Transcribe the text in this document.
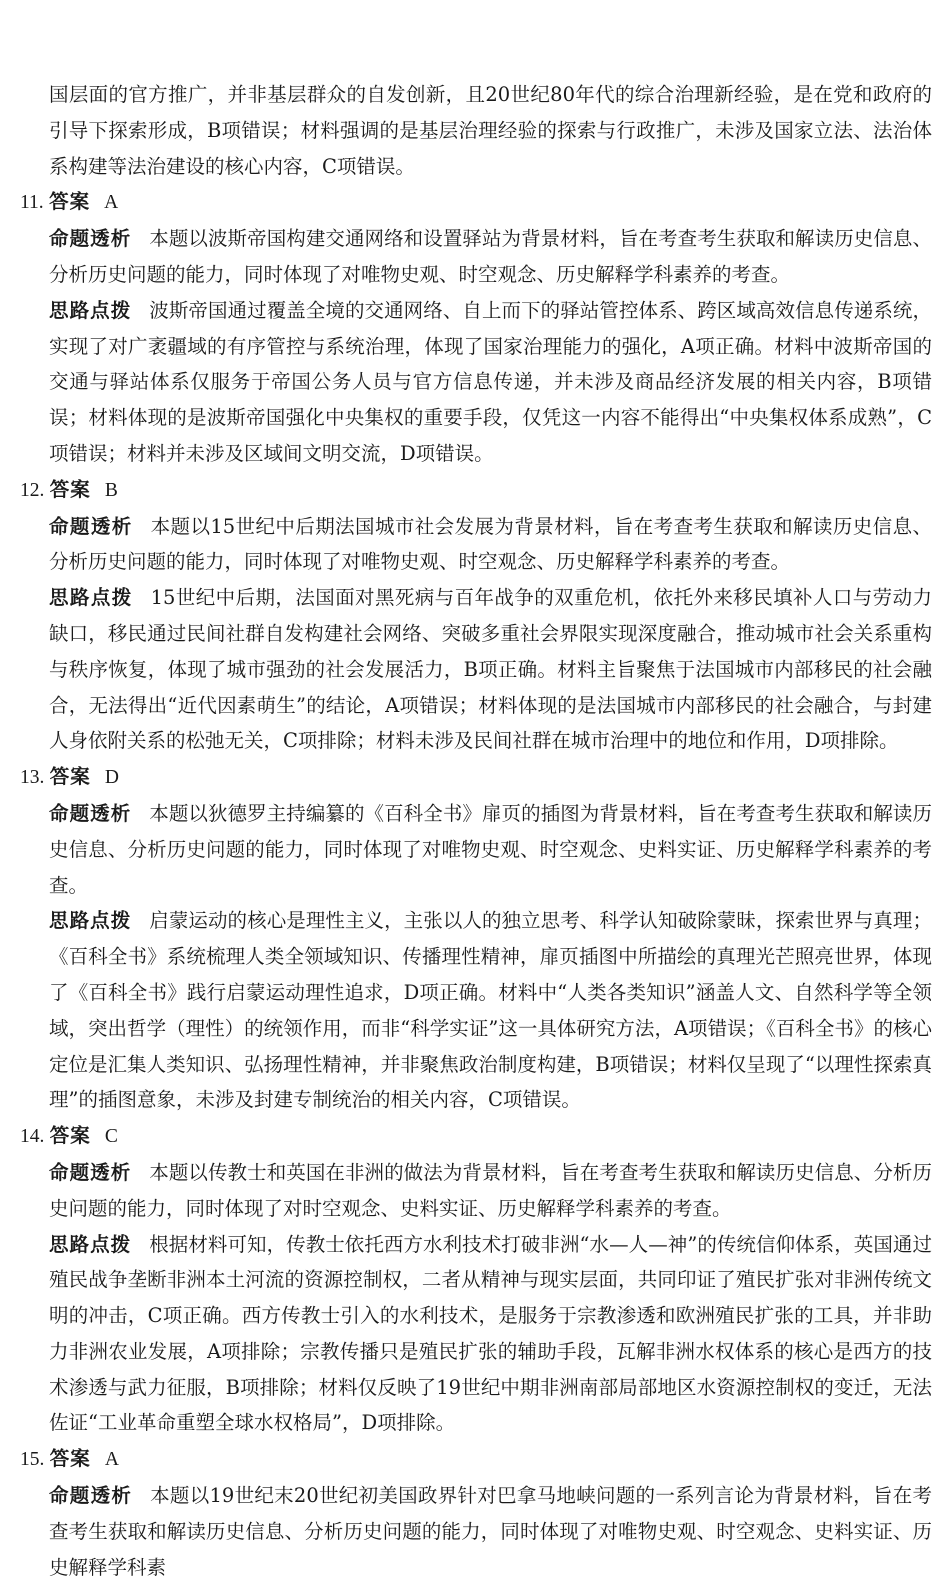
国层面的官方推广，并非基层群众的自发创新，且20世纪80年代的综合治理新经验，是在党和政府的引导下探索形成，B项错误；材料强调的是基层治理经验的探索与行政推广，未涉及国家立法、法治体系构建等法治建设的核心内容，C项错误。

11. 答案 A

命题透析 本题以波斯帝国构建交通网络和设置驿站为背景材料，旨在考查考生获取和解读历史信息、分析历史问题的能力，同时体现了对唯物史观、时空观念、历史解释学科素养的考查。

思路点拨 波斯帝国通过覆盖全境的交通网络、自上而下的驿站管控体系、跨区域高效信息传递系统，实现了对广袤疆域的有序管控与系统治理，体现了国家治理能力的强化，A项正确。材料中波斯帝国的交通与驿站体系仅服务于帝国公务人员与官方信息传递，并未涉及商品经济发展的相关内容，B项错误；材料体现的是波斯帝国强化中央集权的重要手段，仅凭这一内容不能得出“中央集权体系成熟”，C项错误；材料并未涉及区域间文明交流，D项错误。

12. 答案 B

命题透析 本题以15世纪中后期法国城市社会发展为背景材料，旨在考查考生获取和解读历史信息、分析历史问题的能力，同时体现了对唯物史观、时空观念、历史解释学科素养的考查。

思路点拨 15世纪中后期，法国面对黑死病与百年战争的双重危机，依托外来移民填补人口与劳动力缺口，移民通过民间社群自发构建社会网络、突破多重社会界限实现深度融合，推动城市社会关系重构与秩序恢复，体现了城市强劲的社会发展活力，B项正确。材料主旨聚焦于法国城市内部移民的社会融合，无法得出“近代因素萌生”的结论，A项错误；材料体现的是法国城市内部移民的社会融合，与封建人身依附关系的松弛无关，C项排除；材料未涉及民间社群在城市治理中的地位和作用，D项排除。

13. 答案 D

命题透析 本题以狄德罗主持编纂的《百科全书》扉页的插图为背景材料，旨在考查考生获取和解读历史信息、分析历史问题的能力，同时体现了对唯物史观、时空观念、史料实证、历史解释学科素养的考查。

思路点拨 启蒙运动的核心是理性主义，主张以人的独立思考、科学认知破除蒙昧，探索世界与真理；《百科全书》系统梳理人类全领域知识、传播理性精神，扉页插图中所描绘的真理光芒照亮世界，体现了《百科全书》践行启蒙运动理性追求，D项正确。材料中“人类各类知识”涵盖人文、自然科学等全领域，突出哲学（理性）的统领作用，而非“科学实证”这一具体研究方法，A项错误；《百科全书》的核心定位是汇集人类知识、弘扬理性精神，并非聚焦政治制度构建，B项错误；材料仅呈现了“以理性探索真理”的插图意象，未涉及封建专制统治的相关内容，C项错误。

14. 答案 C

命题透析 本题以传教士和英国在非洲的做法为背景材料，旨在考查考生获取和解读历史信息、分析历史问题的能力，同时体现了对时空观念、史料实证、历史解释学科素养的考查。

思路点拨 根据材料可知，传教士依托西方水利技术打破非洲“水—人—神”的传统信仰体系，英国通过殖民战争垄断非洲本土河流的资源控制权，二者从精神与现实层面，共同印证了殖民扩张对非洲传统文明的冲击，C项正确。西方传教士引入的水利技术，是服务于宗教渗透和欧洲殖民扩张的工具，并非助力非洲农业发展，A项排除；宗教传播只是殖民扩张的辅助手段，瓦解非洲水权体系的核心是西方的技术渗透与武力征服，B项排除；材料仅反映了19世纪中期非洲南部局部地区水资源控制权的变迁，无法佐证“工业革命重塑全球水权格局”，D项排除。

15. 答案 A

命题透析 本题以19世纪末20世纪初美国政界针对巴拿马地峡问题的一系列言论为背景材料，旨在考查考生获取和解读历史信息、分析历史问题的能力，同时体现了对唯物史观、时空观念、史料实证、历史解释学科素
